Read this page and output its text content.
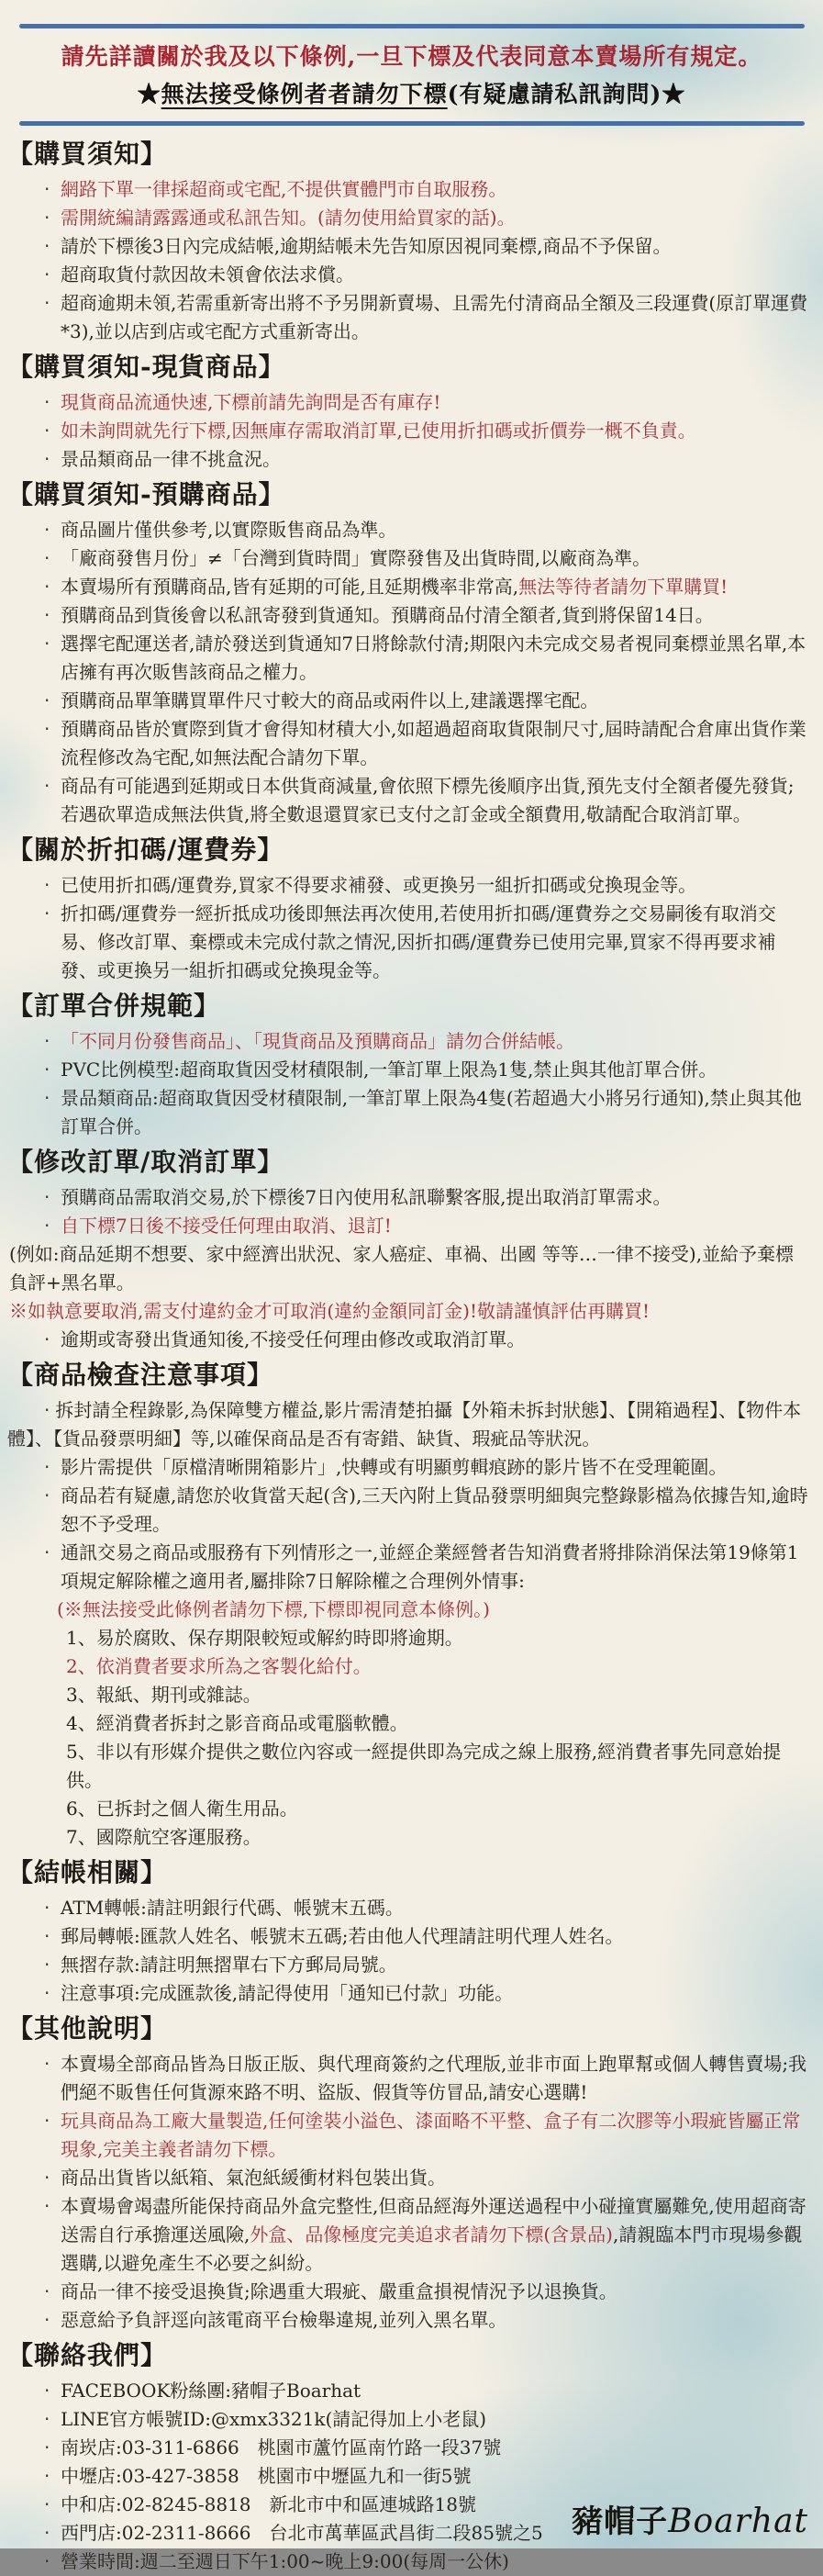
請先詳讀關於我及以下條例,一旦下標及代表同意本賣場所有規定。
★無法接受條例者者請勿下標(有疑慮請私訊詢問)★
【購買須知】

‧ 網路下單一律採超商或宅配,不提供實體門市自取服務。

‧ 需開統編請露露通或私訊告知。(請勿使用給買家的話)。

‧ 請於下標後3日內完成結帳,逾期結帳未先告知原因視同棄標,商品不予保留。

‧ 超商取貨付款因故未領會依法求償。

‧ 超商逾期未領,若需重新寄出將不予另開新賣場、且需先付清商品全額及三段運費(原訂單運費*3),並以店到店或宅配方式重新寄出。

【購買須知-現貨商品】

‧ 現貨商品流通快速,下標前請先詢問是否有庫存!

‧ 如未詢問就先行下標,因無庫存需取消訂單,已使用折扣碼或折價券一概不負責。

‧ 景品類商品一律不挑盒況。

【購買須知-預購商品】

‧ 商品圖片僅供參考,以實際販售商品為準。

‧ 「廠商發售月份」≠「台灣到貨時間」實際發售及出貨時間,以廠商為準。

‧ 本賣場所有預購商品,皆有延期的可能,且延期機率非常高,無法等待者請勿下單購買!

‧ 預購商品到貨後會以私訊寄發到貨通知。預購商品付清全額者,貨到將保留14日。

‧ 選擇宅配運送者,請於發送到貨通知7日將餘款付清;期限內未完成交易者視同棄標並黑名單,本店擁有再次販售該商品之權力。

‧ 預購商品單筆購買單件尺寸較大的商品或兩件以上,建議選擇宅配。

‧ 預購商品皆於實際到貨才會得知材積大小,如超過超商取貨限制尺寸,屆時請配合倉庫出貨作業流程修改為宅配,如無法配合請勿下單。

‧ 商品有可能遇到延期或日本供貨商減量,會依照下標先後順序出貨,預先支付全額者優先發貨;若遇砍單造成無法供貨,將全數退還買家已支付之訂金或全額費用,敬請配合取消訂單。

【關於折扣碼/運費券】

‧ 已使用折扣碼/運費券,買家不得要求補發、或更換另一組折扣碼或兌換現金等。

‧ 折扣碼/運費券一經折抵成功後即無法再次使用,若使用折扣碼/運費券之交易嗣後有取消交易、修改訂單、棄標或未完成付款之情況,因折扣碼/運費券已使用完畢,買家不得再要求補發、或更換另一組折扣碼或兌換現金等。

【訂單合併規範】

‧ 「不同月份發售商品」、「現貨商品及預購商品」請勿合併結帳。

‧ PVC比例模型:超商取貨因受材積限制,一筆訂單上限為1隻,禁止與其他訂單合併。

‧ 景品類商品:超商取貨因受材積限制,一筆訂單上限為4隻(若超過大小將另行通知),禁止與其他訂單合併。

【修改訂單/取消訂單】

‧ 預購商品需取消交易,於下標後7日內使用私訊聯繫客服,提出取消訂單需求。

‧ 自下標7日後不接受任何理由取消、退訂!

(例如:商品延期不想要、家中經濟出狀況、家人癌症、車禍、出國 等等…一律不接受),並給予棄標負評+黑名單。

※如執意要取消,需支付違約金才可取消(違約金額同訂金)!敬請謹慎評估再購買!

‧ 逾期或寄發出貨通知後,不接受任何理由修改或取消訂單。

【商品檢查注意事項】

‧ 拆封請全程錄影,為保障雙方權益,影片需清楚拍攝【外箱未拆封狀態】、【開箱過程】、【物件本體】、【貨品發票明細】等,以確保商品是否有寄錯、缺貨、瑕疵品等狀況。

‧ 影片需提供「原檔清晰開箱影片」,快轉或有明顯剪輯痕跡的影片皆不在受理範圍。

‧ 商品若有疑慮,請您於收貨當天起(含),三天內附上貨品發票明細與完整錄影檔為依據告知,逾時恕不予受理。

‧ 通訊交易之商品或服務有下列情形之一,並經企業經營者告知消費者將排除消保法第19條第1項規定解除權之適用者,屬排除7日解除權之合理例外情事:

(※無法接受此條例者請勿下標,下標即視同意本條例。)

1、易於腐敗、保存期限較短或解約時即將逾期。

2、依消費者要求所為之客製化給付。

3、報紙、期刊或雜誌。

4、經消費者拆封之影音商品或電腦軟體。

5、非以有形媒介提供之數位內容或一經提供即為完成之線上服務,經消費者事先同意始提供。

6、已拆封之個人衛生用品。

7、國際航空客運服務。

【結帳相關】

‧ ATM轉帳:請註明銀行代碼、帳號末五碼。

‧ 郵局轉帳:匯款人姓名、帳號末五碼;若由他人代理請註明代理人姓名。

‧ 無摺存款:請註明無摺單右下方郵局局號。

‧ 注意事項:完成匯款後,請記得使用「通知已付款」功能。

【其他說明】

‧ 本賣場全部商品皆為日版正版、與代理商簽約之代理版,並非市面上跑單幫或個人轉售賣場;我們絕不販售任何貨源來路不明、盜版、假貨等仿冒品,請安心選購!

‧ 玩具商品為工廠大量製造,任何塗裝小溢色、漆面略不平整、盒子有二次膠等小瑕疵皆屬正常現象,完美主義者請勿下標。

‧ 商品出貨皆以紙箱、氣泡紙緩衝材料包裝出貨。

‧ 本賣場會竭盡所能保持商品外盒完整性,但商品經海外運送過程中小碰撞實屬難免,使用超商寄送需自行承擔運送風險,外盒、品像極度完美追求者請勿下標(含景品),請親臨本門市現場參觀選購,以避免產生不必要之糾紛。

‧ 商品一律不接受退換貨;除遇重大瑕疵、嚴重盒損視情況予以退換貨。

‧ 惡意給予負評逕向該電商平台檢舉違規,並列入黑名單。

【聯絡我們】

‧ FACEBOOK粉絲團:豬帽子Boarhat

‧ LINE官方帳號ID:@xmx3321k(請記得加上小老鼠)

‧ 南崁店:03-311-6866　桃園市蘆竹區南竹路一段37號

‧ 中壢店:03-427-3858　桃園市中壢區九和一街5號

‧ 中和店:02-8245-8818　新北市中和區連城路18號

‧ 西門店:02-2311-8666　台北市萬華區武昌街二段85號之5

‧ 營業時間:週二至週日下午1:00~晚上9:00(每周一公休)

豬帽子Boarhat
